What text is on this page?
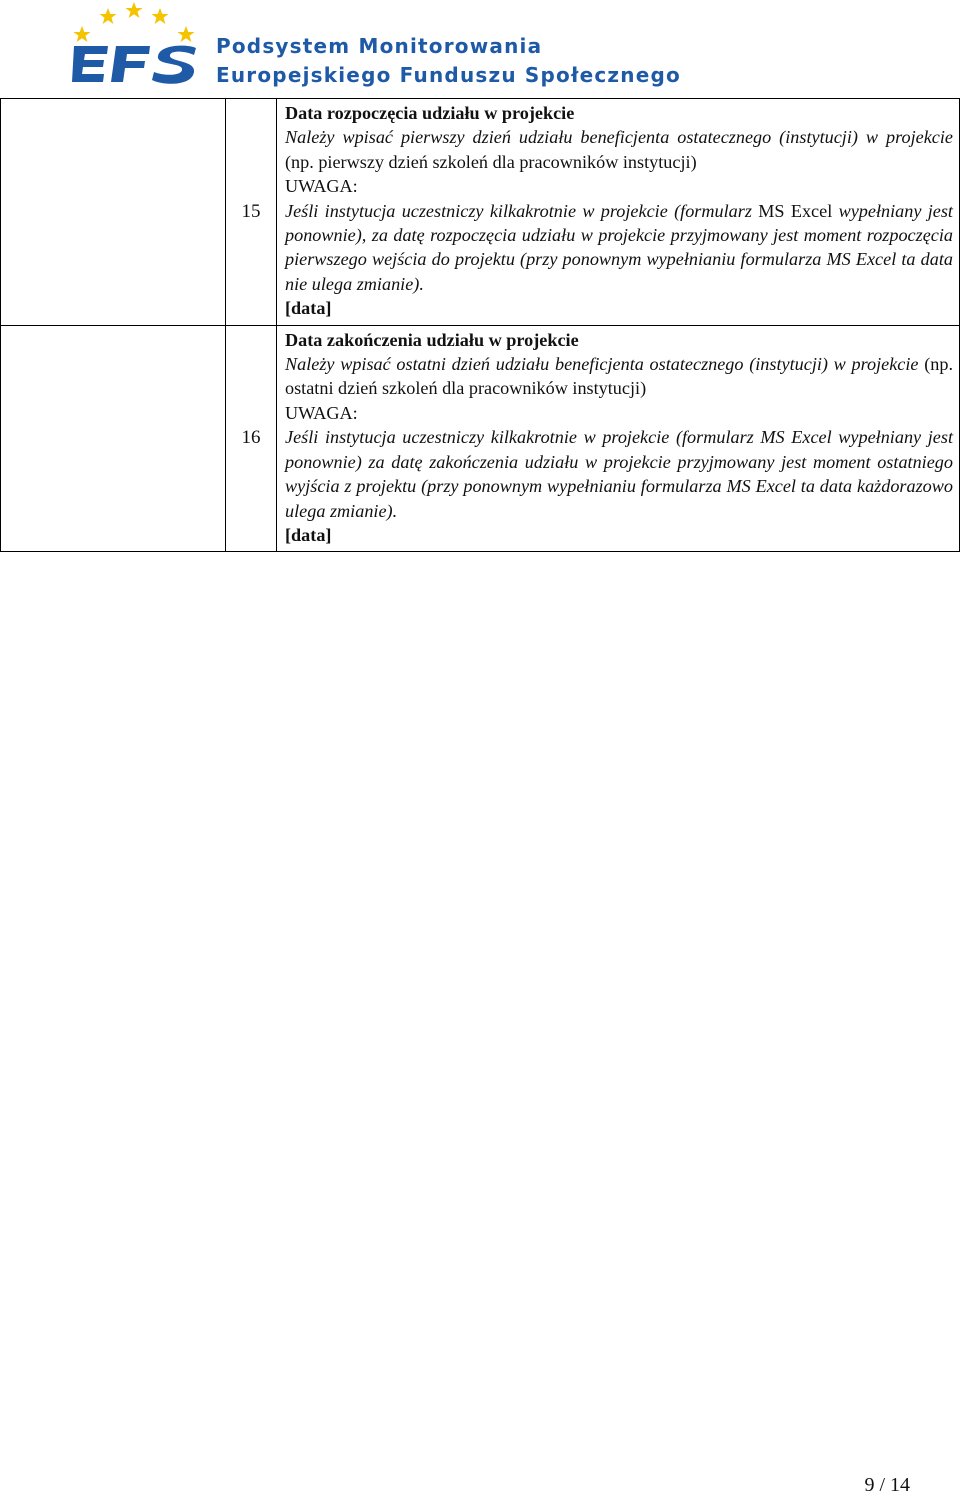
Podsystem Monitorowania
Europejskiego Funduszu Społecznego
	15	Data rozpoczęcia udziału w projekcie
Należy wpisać pierwszy dzień udziału beneficjenta ostatecznego (instytucji) w projekcie (np. pierwszy dzień szkoleń dla pracowników instytucji)
UWAGA:
Jeśli instytucja uczestniczy kilkakrotnie w projekcie (formularz MS Excel wypełniany jest ponownie), za datę rozpoczęcia udziału w projekcie przyjmowany jest moment rozpoczęcia pierwszego wejścia do projektu (przy ponownym wypełnianiu formularza MS Excel ta data nie ulega zmianie).
[data]

	16	Data zakończenia udziału w projekcie
Należy wpisać ostatni dzień udziału beneficjenta ostatecznego (instytucji) w projekcie (np. ostatni dzień szkoleń dla pracowników instytucji)
UWAGA:
Jeśli instytucja uczestniczy kilkakrotnie w projekcie (formularz MS Excel wypełniany jest ponownie) za datę zakończenia udziału w projekcie przyjmowany jest moment ostatniego wyjścia z projektu (przy ponownym wypełnianiu formularza MS Excel ta data każdorazowo ulega zmianie).
[data]
9 / 14
